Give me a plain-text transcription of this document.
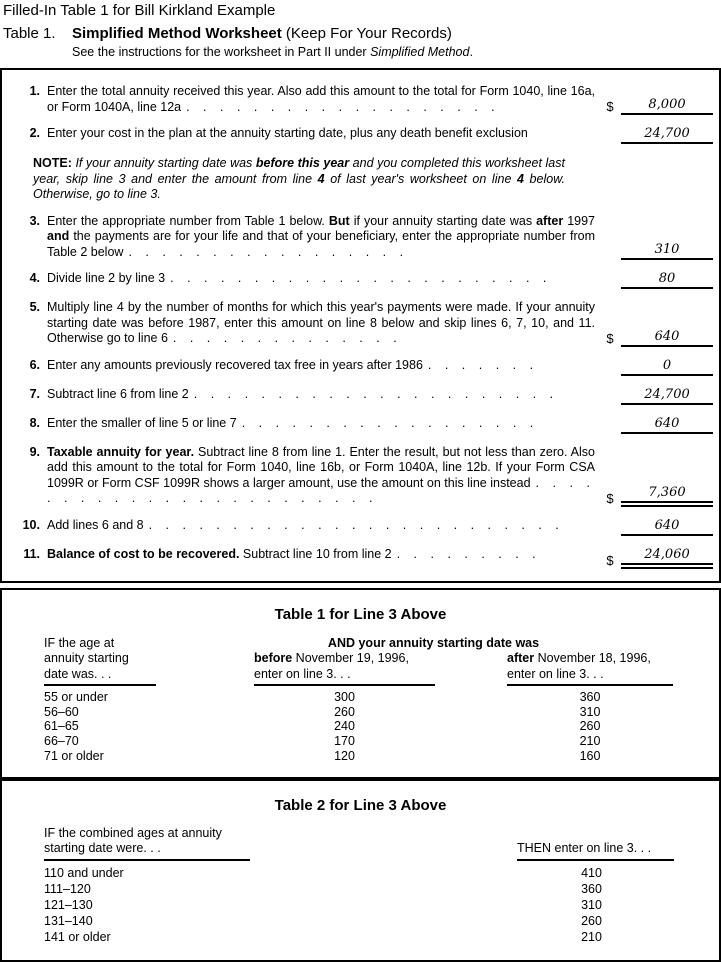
Filled-In Table 1 for Bill Kirkland Example
Table 1.	Simplified Method Worksheet (Keep For Your Records)
See the instructions for the worksheet in Part II under Simplified Method.
1. Enter the total annuity received this year. Also add this amount to the total for Form 1040, line 16a, or Form 1040A, line 12a . . . . . . . . . . . . . . . . . . .	$	8,000
2. Enter your cost in the plan at the annuity starting date, plus any death benefit exclusion	24,700
NOTE: If your annuity starting date was before this year and you completed this worksheet last year, skip line 3 and enter the amount from line 4 of last year's worksheet on line 4 below. Otherwise, go to line 3.
3. Enter the appropriate number from Table 1 below. But if your annuity starting date was after 1997 and the payments are for your life and that of your beneficiary, enter the appropriate number from Table 2 below . . . . . . . . . . . . . . . . .	310
4. Divide line 2 by line 3 . . . . . . . . . . . . . . . . . . . . . . .	80
5. Multiply line 4 by the number of months for which this year's payments were made. If your annuity starting date was before 1987, enter this amount on line 8 below and skip lines 6, 7, 10, and 11. Otherwise go to line 6 . . . . . . . . . . . . . .	$	640
6. Enter any amounts previously recovered tax free in years after 1986 . . . . . . .	0
7. Subtract line 6 from line 2 . . . . . . . . . . . . . . . . . . . . . .	24,700
8. Enter the smaller of line 5 or line 7 . . . . . . . . . . . . . . . . . .	640
9. Taxable annuity for year. Subtract line 8 from line 1. Enter the result, but not less than zero. Also add this amount to the total for Form 1040, line 16b, or Form 1040A, line 12b. If your Form CSA 1099R or Form CSF 1099R shows a larger amount, use the amount on this line instead . . . . . . . . . . . . . . . . . . . . . . . .	$	7,360
10. Add lines 6 and 8 . . . . . . . . . . . . . . . . . . . . . . . . .	640
11. Balance of cost to be recovered. Subtract line 10 from line 2 . . . . . . . . .	$	24,060
Table 1 for Line 3 Above
IF the age at
annuity starting
date was. . .
AND your annuity starting date was
before November 19, 1996,
enter on line 3. . .
after November 18, 1996,
enter on line 3. . .
55 or under	300	360
56–60	260	310
61–65	240	260
66–70	170	210
71 or older	120	160
Table 2 for Line 3 Above
IF the combined ages at annuity
starting date were. . .	THEN enter on line 3. . .
110 and under	410
111–120	360
121–130	310
131–140	260
141 or older	210
